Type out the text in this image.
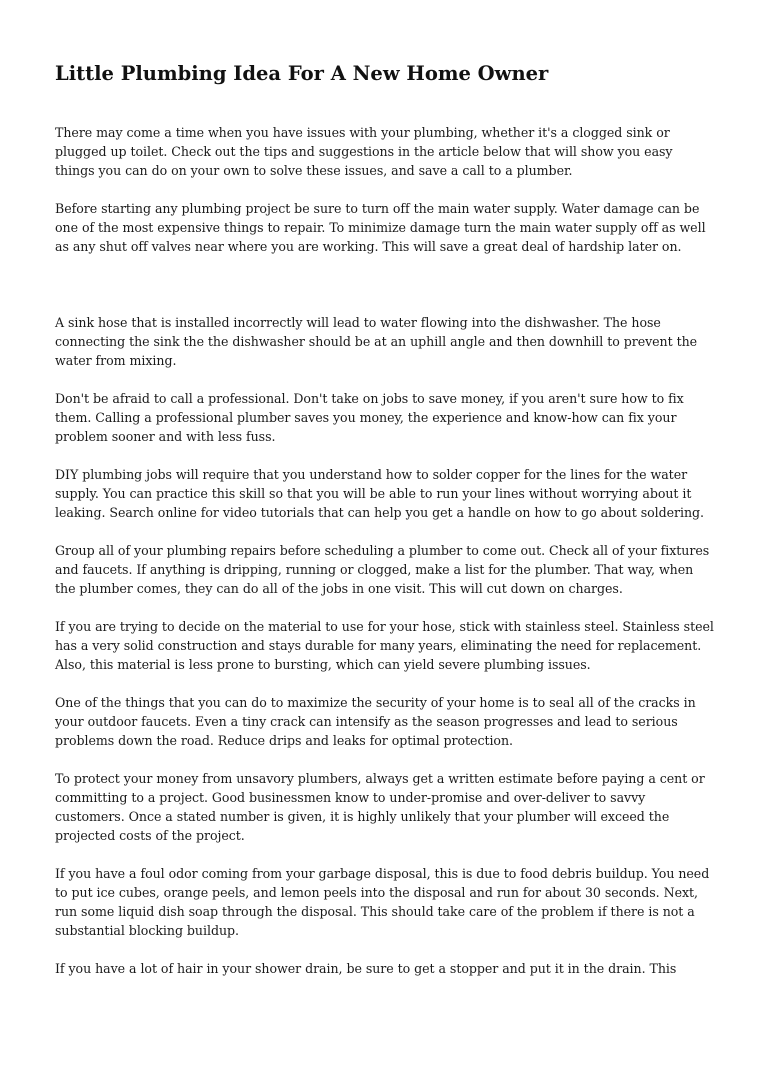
Little Plumbing Idea For A New Home Owner

There may come a time when you have issues with your plumbing, whether it's a clogged sink or plugged up toilet. Check out the tips and suggestions in the article below that will show you easy things you can do on your own to solve these issues, and save a call to a plumber.

Before starting any plumbing project be sure to turn off the main water supply. Water damage can be one of the most expensive things to repair. To minimize damage turn the main water supply off as well as any shut off valves near where you are working. This will save a great deal of hardship later on.

A sink hose that is installed incorrectly will lead to water flowing into the dishwasher. The hose connecting the sink the the dishwasher should be at an uphill angle and then downhill to prevent the water from mixing.

Don't be afraid to call a professional. Don't take on jobs to save money, if you aren't sure how to fix them. Calling a professional plumber saves you money, the experience and know-how can fix your problem sooner and with less fuss.

DIY plumbing jobs will require that you understand how to solder copper for the lines for the water supply. You can practice this skill so that you will be able to run your lines without worrying about it leaking. Search online for video tutorials that can help you get a handle on how to go about soldering.

Group all of your plumbing repairs before scheduling a plumber to come out. Check all of your fixtures and faucets. If anything is dripping, running or clogged, make a list for the plumber. That way, when the plumber comes, they can do all of the jobs in one visit. This will cut down on charges.

If you are trying to decide on the material to use for your hose, stick with stainless steel. Stainless steel has a very solid construction and stays durable for many years, eliminating the need for replacement. Also, this material is less prone to bursting, which can yield severe plumbing issues.

One of the things that you can do to maximize the security of your home is to seal all of the cracks in your outdoor faucets. Even a tiny crack can intensify as the season progresses and lead to serious problems down the road. Reduce drips and leaks for optimal protection.

To protect your money from unsavory plumbers, always get a written estimate before paying a cent or committing to a project. Good businessmen know to under-promise and over-deliver to savvy customers. Once a stated number is given, it is highly unlikely that your plumber will exceed the projected costs of the project.

If you have a foul odor coming from your garbage disposal, this is due to food debris buildup. You need to put ice cubes, orange peels, and lemon peels into the disposal and run for about 30 seconds. Next, run some liquid dish soap through the disposal. This should take care of the problem if there is not a substantial blocking buildup.

If you have a lot of hair in your shower drain, be sure to get a stopper and put it in the drain. This
